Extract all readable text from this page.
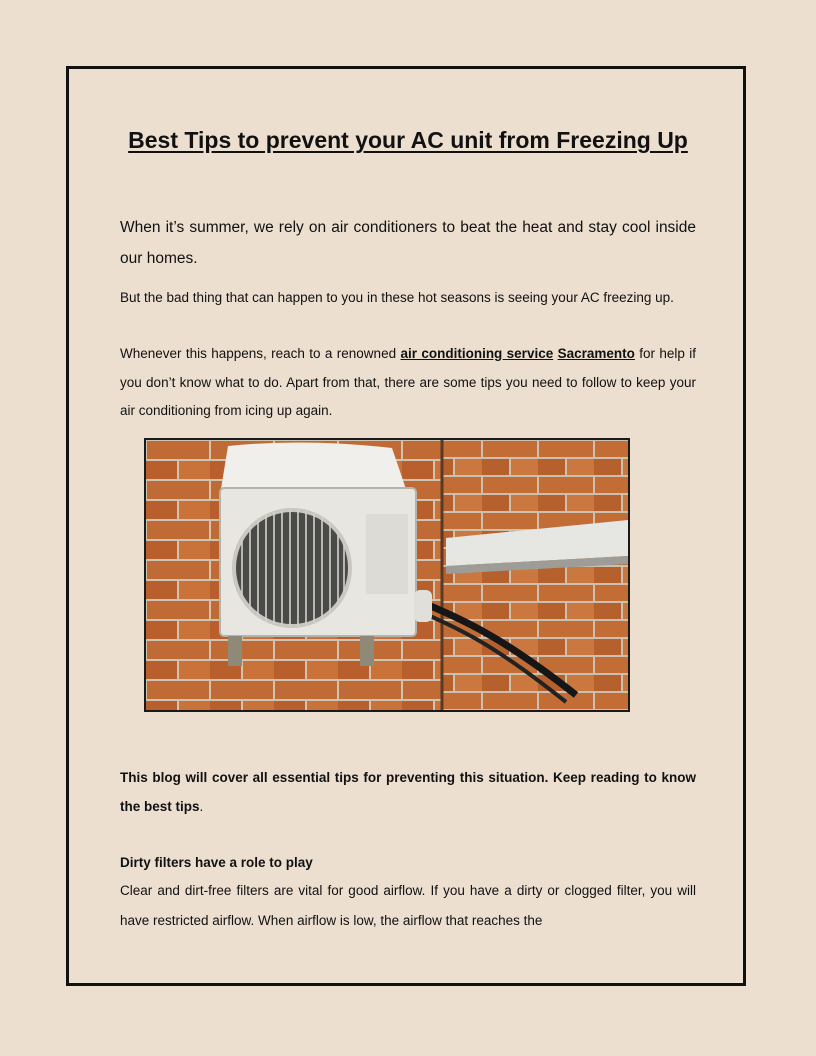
Best Tips to prevent your AC unit from Freezing Up

When it’s summer, we rely on air conditioners to beat the heat and stay cool inside our homes.

But the bad thing that can happen to you in these hot seasons is seeing your AC freezing up.

Whenever this happens, reach to a renowned air conditioning service Sacramento for help if you don’t know what to do. Apart from that, there are some tips you need to follow to keep your air conditioning from icing up again.

This blog will cover all essential tips for preventing this situation. Keep reading to know the best tips.

Dirty filters have a role to play

Clear and dirt-free filters are vital for good airflow. If you have a dirty or clogged filter, you will have restricted airflow. When airflow is low, the airflow that reaches the
